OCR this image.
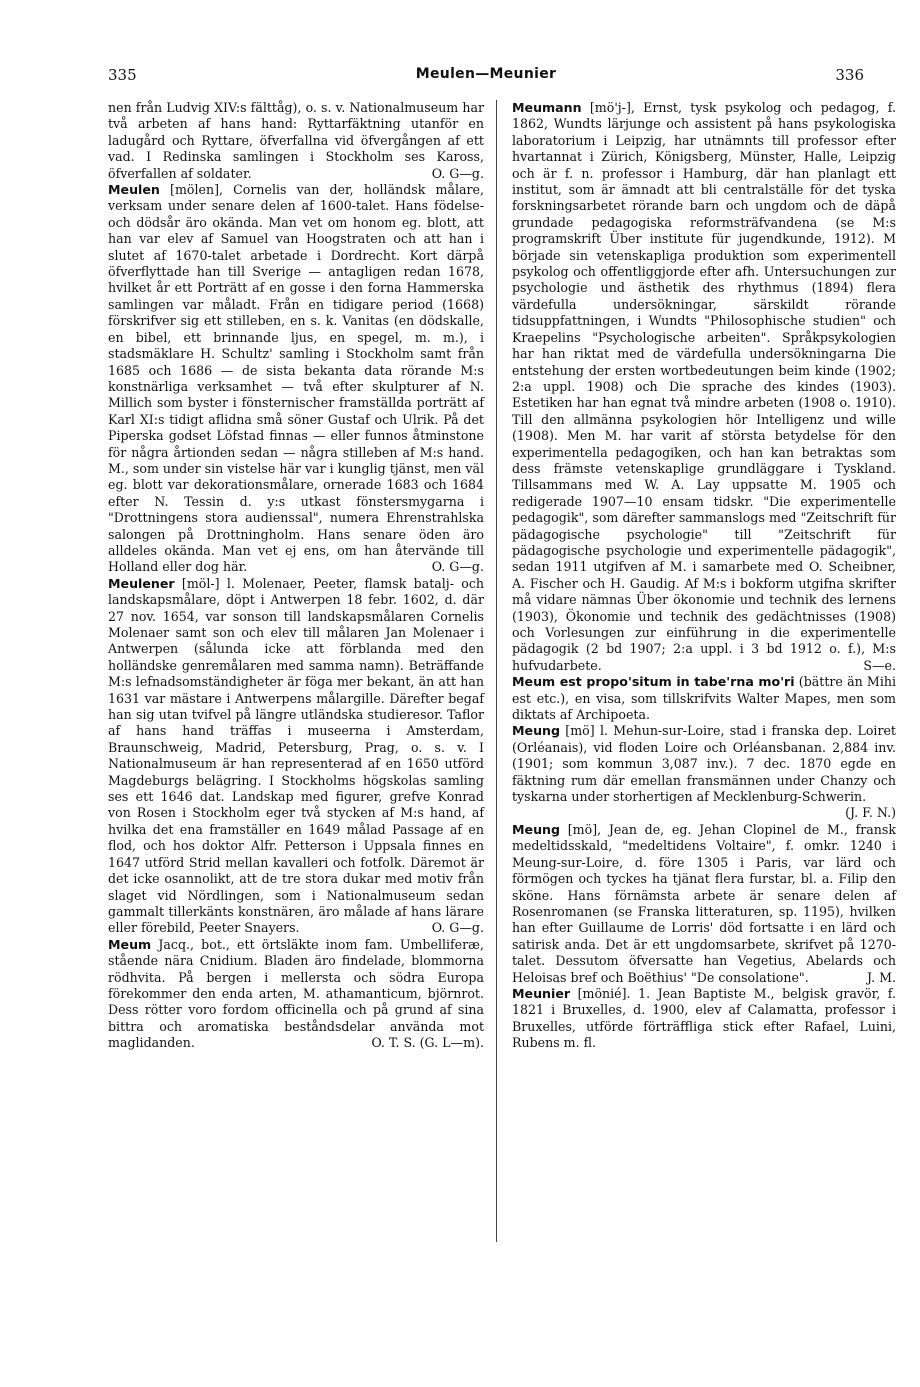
335	Meulen—Meunier	336

nen från Ludvig XIV:s fälttåg), o. s. v. Nationalmuseum har två arbeten af hans hand: Ryttarfäktning utanför en ladugård och Ryttare, öfverfallna vid öfvergången af ett vad. I Redinska samlingen i Stockholm ses Kaross, öfverfallen af soldater.	O. G—g.

Meulen [mölen], Cornelis van der, holländsk målare, verksam under senare delen af 1600-talet. Hans födelse- och dödsår äro okända. Man vet om honom eg. blott, att han var elev af Samuel van Hoogstraten och att han i slutet af 1670-talet arbetade i Dordrecht. Kort därpå öfverflyttade han till Sverige — antagligen redan 1678, hvilket år ett Porträtt af en gosse i den forna Hammerska samlingen var måladt. Från en tidigare period (1668) förskrifver sig ett stilleben, en s. k. Vanitas (en dödskalle, en bibel, ett brinnande ljus, en spegel, m. m.), i stadsmäklare H. Schultz' samling i Stockholm samt från 1685 och 1686 — de sista bekanta data rörande M:s konstnärliga verksamhet — två efter skulpturer af N. Millich som byster i fönsternischer framställda porträtt af Karl XI:s tidigt aflidna små söner Gustaf och Ulrik. På det Piperska godset Löfstad finnas — eller funnos åtminstone för några årtionden sedan — några stilleben af M:s hand. M., som under sin vistelse här var i kunglig tjänst, men väl eg. blott var dekorationsmålare, ornerade 1683 och 1684 efter N. Tessin d. y:s utkast fönstersmygarna i "Drottningens stora audienssal", numera Ehrenstrahlska salongen på Drottningholm. Hans senare öden äro alldeles okända. Man vet ej ens, om han återvände till Holland eller dog här.	O. G—g.

Meulener [möl-] l. Molenaer, Peeter, flamsk batalj- och landskapsmålare, döpt i Antwerpen 18 febr. 1602, d. där 27 nov. 1654, var sonson till landskapsmålaren Cornelis Molenaer samt son och elev till målaren Jan Molenaer i Antwerpen (sålunda icke att förblanda med den holländske genremålaren med samma namn). Beträffande M:s lefnadsomständigheter är föga mer bekant, än att han 1631 var mästare i Antwerpens målargille. Därefter begaf han sig utan tvifvel på längre utländska studieresor. Taflor af hans hand träffas i museerna i Amsterdam, Braunschweig, Madrid, Petersburg, Prag, o. s. v. I Nationalmuseum är han representerad af en 1650 utförd Magdeburgs belägring. I Stockholms högskolas samling ses ett 1646 dat. Landskap med figurer, grefve Konrad von Rosen i Stockholm eger två stycken af M:s hand, af hvilka det ena framställer en 1649 målad Passage af en flod, och hos doktor Alfr. Petterson i Uppsala finnes en 1647 utförd Strid mellan kavalleri och fotfolk. Däremot är det icke osannolikt, att de tre stora dukar med motiv från slaget vid Nördlingen, som i Nationalmuseum sedan gammalt tillerkänts konstnären, äro målade af hans lärare eller förebild, Peeter Snayers.	O. G—g.

Meum Jacq., bot., ett örtsläkte inom fam. Umbelliferæ, stående nära Cnidium. Bladen äro findelade, blommorna rödhvita. På bergen i mellersta och södra Europa förekommer den enda arten, M. athamanticum, björnrot. Dess rötter voro fordom officinella och på grund af sina bittra och aromatiska beståndsdelar använda mot maglidanden.	O. T. S. (G. L—m).

Meumann [mö'j-], Ernst, tysk psykolog och pedagog, f. 1862, Wundts lärjunge och assistent på hans psykologiska laboratorium i Leipzig, har utnämnts till professor efter hvartannat i Zürich, Königsberg, Münster, Halle, Leipzig och är f. n. professor i Hamburg, där han planlagt ett institut, som är ämnadt att bli centralställe för det tyska forskningsarbetet rörande barn och ungdom och de däpå grundade pedagogiska reformsträfvandena (se M:s programskrift Über institute für jugendkunde, 1912). M började sin vetenskapliga produktion som experimentell psykolog och offentliggjorde efter afh. Untersuchungen zur psychologie und ästhetik des rhythmus (1894) flera värdefulla undersökningar, särskildt rörande tidsuppfattningen, i Wundts "Philosophische studien" och Kraepelins "Psychologische arbeiten". Språkpsykologien har han riktat med de värdefulla undersökningarna Die entstehung der ersten wortbedeutungen beim kinde (1902; 2:a uppl. 1908) och Die sprache des kindes (1903). Estetiken har han egnat två mindre arbeten (1908 o. 1910). Till den allmänna psykologien hör Intelligenz und wille (1908). Men M. har varit af största betydelse för den experimentella pedagogiken, och han kan betraktas som dess främste vetenskaplige grundläggare i Tyskland. Tillsammans med W. A. Lay uppsatte M. 1905 och redigerade 1907—10 ensam tidskr. "Die experimentelle pedagogik", som därefter sammanslogs med "Zeitschrift für pädagogische psychologie" till "Zeitschrift für pädagogische psychologie und experimentelle pädagogik", sedan 1911 utgifven af M. i samarbete med O. Scheibner, A. Fischer och H. Gaudig. Af M:s i bokform utgifna skrifter må vidare nämnas Über ökonomie und technik des lernens (1903), Ökonomie und technik des gedächtnisses (1908) och Vorlesungen zur einführung in die experimentelle pädagogik (2 bd 1907; 2:a uppl. i 3 bd 1912 o. f.), M:s hufvudarbete.	S—e.

Meum est propo'situm in tabe'rna mo'ri (bättre än Mihi est etc.), en visa, som tillskrifvits Walter Mapes, men som diktats af Archipoeta.

Meung [mö] l. Mehun-sur-Loire, stad i franska dep. Loiret (Orléanais), vid floden Loire och Orléansbanan. 2,884 inv. (1901; som kommun 3,087 inv.). 7 dec. 1870 egde en fäktning rum där emellan fransmännen under Chanzy och tyskarna under storhertigen af Mecklenburg-Schwerin.
(J. F. N.)

Meung [mö], Jean de, eg. Jehan Clopinel de M., fransk medeltidsskald, "medeltidens Voltaire", f. omkr. 1240 i Meung-sur-Loire, d. före 1305 i Paris, var lärd och förmögen och tyckes ha tjänat flera furstar, bl. a. Filip den sköne. Hans förnämsta arbete är senare delen af Rosenromanen (se Franska litteraturen, sp. 1195), hvilken han efter Guillaume de Lorris' död fortsatte i en lärd och satirisk anda. Det är ett ungdomsarbete, skrifvet på 1270-talet. Dessutom öfversatte han Vegetius, Abelards och Heloisas bref och Boëthius' "De consolatione".	J. M.

Meunier [mönié]. 1. Jean Baptiste M., belgisk gravör, f. 1821 i Bruxelles, d. 1900, elev af Calamatta, professor i Bruxelles, utförde förträffliga stick efter Rafael, Luini, Rubens m. fl.
